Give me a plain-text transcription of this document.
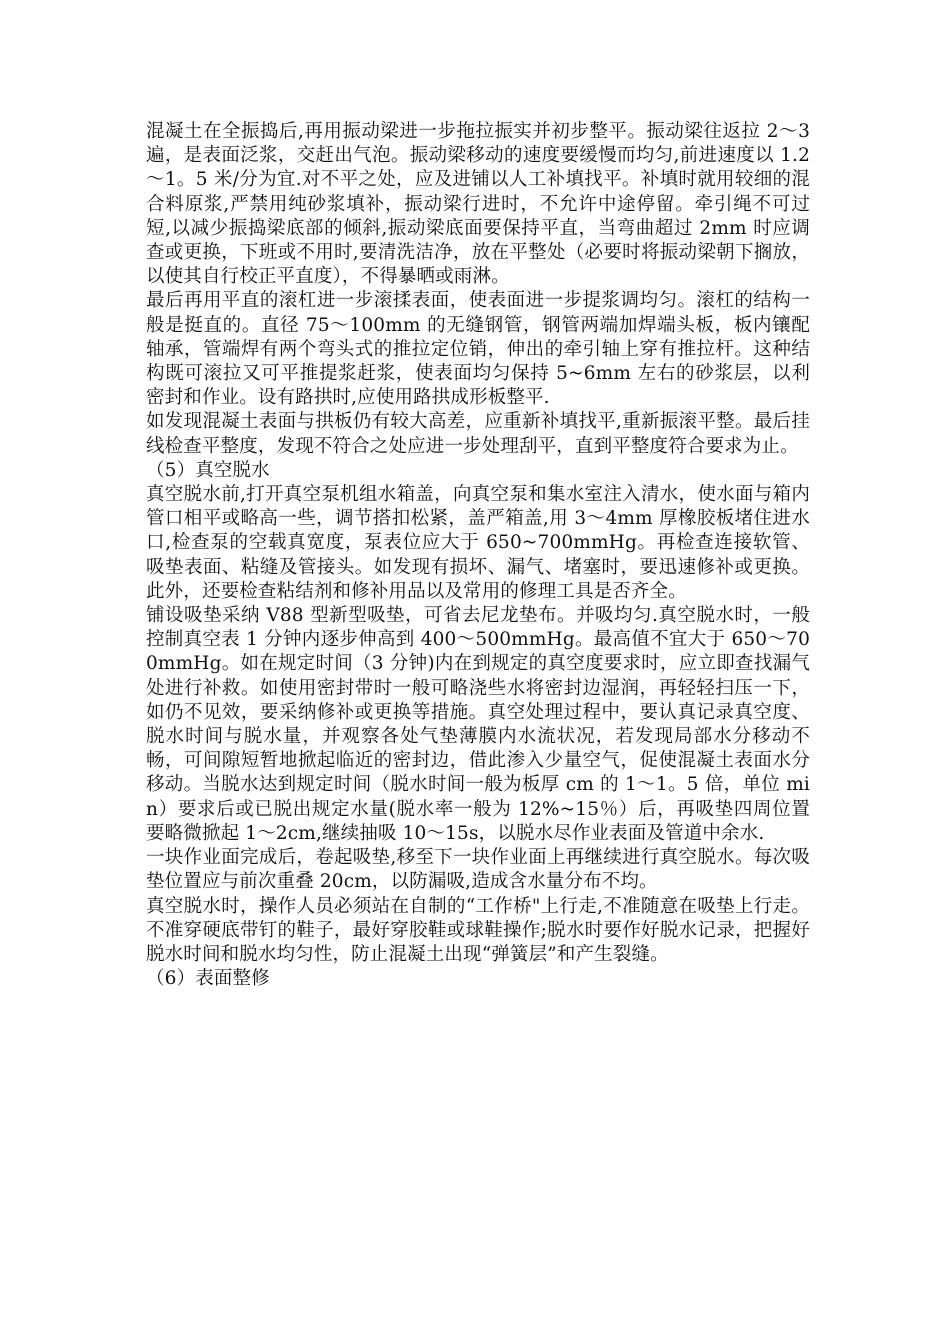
混凝土在全振捣后,再用振动梁进一步拖拉振实并初步整平。振动梁往返拉 2～3 遍，是表面泛浆，交赶出气泡。振动梁移动的速度要缓慢而均匀,前进速度以 1.2～1。5 米/分为宜.对不平之处，应及进铺以人工补填找平。补填时就用较细的混合料原浆,严禁用纯砂浆填补，振动梁行进时，不允许中途停留。牵引绳不可过短,以减少振捣梁底部的倾斜,振动梁底面要保持平直，当弯曲超过 2mm 时应调查或更换，下班或不用时,要清洗洁净，放在平整处（必要时将振动梁朝下搁放，以使其自行校正平直度），不得暴晒或雨淋。

最后再用平直的滚杠进一步滚揉表面，使表面进一步提浆调均匀。滚杠的结构一般是挺直的。直径 75～100mm 的无缝钢管，钢管两端加焊端头板，板内镶配轴承，管端焊有两个弯头式的推拉定位销，伸出的牵引轴上穿有推拉杆。这种结构既可滚拉又可平推提浆赶浆，使表面均匀保持 5~6mm 左右的砂浆层，以利密封和作业。设有路拱时,应使用路拱成形板整平.

如发现混凝土表面与拱板仍有较大高差，应重新补填找平,重新振滚平整。最后挂线检查平整度，发现不符合之处应进一步处理刮平，直到平整度符合要求为止。

（5）真空脱水

真空脱水前,打开真空泵机组水箱盖，向真空泵和集水室注入清水，使水面与箱内管口相平或略高一些，调节搭扣松紧，盖严箱盖,用 3～4mm 厚橡胶板堵住进水口,检查泵的空载真宽度，泵表位应大于 650~700mmHg。再检查连接软管、吸垫表面、粘缝及管接头。如发现有损坏、漏气、堵塞时，要迅速修补或更换。此外，还要检查粘结剂和修补用品以及常用的修理工具是否齐全。

铺设吸垫采纳 V88 型新型吸垫，可省去尼龙垫布。并吸均匀.真空脱水时，一般控制真空表 1 分钟内逐步伸高到 400～500mmHg。最高值不宜大于 650～700mmHg。如在规定时间（3 分钟)内在到规定的真空度要求时，应立即查找漏气处进行补救。如使用密封带时一般可略浇些水将密封边湿润，再轻轻扫压一下，如仍不见效，要采纳修补或更换等措施。真空处理过程中，要认真记录真空度、脱水时间与脱水量，并观察各处气垫薄膜内水流状况，若发现局部水分移动不畅，可间隙短暂地掀起临近的密封边，借此渗入少量空气，促使混凝土表面水分移动。当脱水达到规定时间（脱水时间一般为板厚 cm 的 1～1。5 倍，单位 min）要求后或已脱出规定水量(脱水率一般为 12%~15％）后，再吸垫四周位置要略微掀起 1～2cm,继续抽吸 10～15s，以脱水尽作业表面及管道中余水.

一块作业面完成后，卷起吸垫,移至下一块作业面上再继续进行真空脱水。每次吸垫位置应与前次重叠 20cm，以防漏吸,造成含水量分布不均。

真空脱水时，操作人员必须站在自制的“工作桥"上行走,不准随意在吸垫上行走。不准穿硬底带钉的鞋子，最好穿胶鞋或球鞋操作;脱水时要作好脱水记录，把握好脱水时间和脱水均匀性，防止混凝土出现“弹簧层”和产生裂缝。

（6）表面整修
